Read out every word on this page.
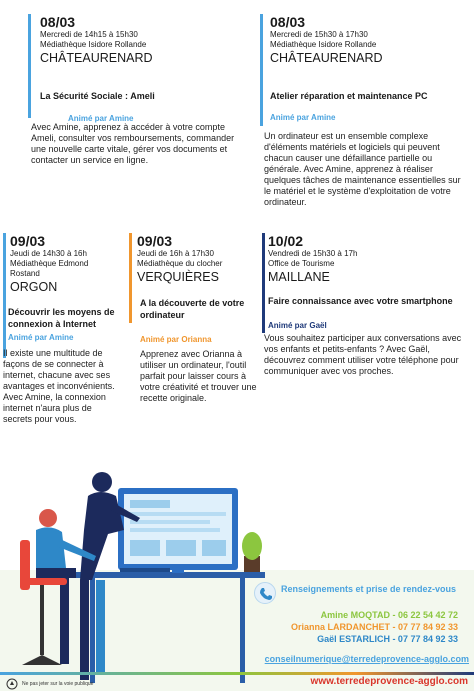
08/03
Mercredi de 14h15 à 15h30
Médiathèque Isidore Rollande
CHÂTEAURENARD
La Sécurité Sociale : Ameli
Animé par Amine
Avec Amine, apprenez à accéder à votre compte Ameli, consulter vos remboursements, commander une nouvelle carte vitale, gérer vos documents et contacter un service en ligne.
08/03
Mercredi de 15h30 à 17h30
Médiathèque Isidore Rollande
CHÂTEAURENARD
Atelier réparation et maintenance PC
Animé par Amine
Un ordinateur est un ensemble complexe d'éléments matériels et logiciels qui peuvent chacun causer une défaillance partielle ou générale. Avec Amine, apprenez à réaliser quelques tâches de maintenance essentielles sur le matériel et le système d'exploitation de votre ordinateur.
09/03
Jeudi de 14h30 à 16h
Médiathèque Edmond Rostand
ORGON
Découvrir les moyens de connexion à Internet
Animé par Amine
Il existe une multitude de façons de se connecter à internet, chacune avec ses avantages et inconvénients. Avec Amine, la connexion internet n'aura plus de secrets pour vous.
09/03
Jeudi de 16h à 17h30
Médiathèque du clocher
VERQUIÈRES
A la découverte de votre ordinateur
Animé par Orianna
Apprenez avec Orianna à utiliser un ordinateur, l'outil parfait pour laisser cours à votre créativité et trouver une recette originale.
10/02
Vendredi de 15h30 à 17h
Office de Tourisme
MAILLANE
Faire connaissance avec votre smartphone
Animé par Gaël
Vous souhaitez participer aux conversations avec vos enfants et petits-enfants ? Avec Gaël, découvrez comment utiliser votre téléphone pour communiquer avec vos proches.
Renseignements et prise de rendez-vous
Amine MOQTAD - 06 22 54 42 72
Orianna LARDANCHET - 07 77 84 92 33
Gaël ESTARLICH - 07 77 84 92 33
conseilnumerique@terredeprovence-agglo.com
Ne pas jeter sur la voie publique	www.terredeprovence-agglo.com
